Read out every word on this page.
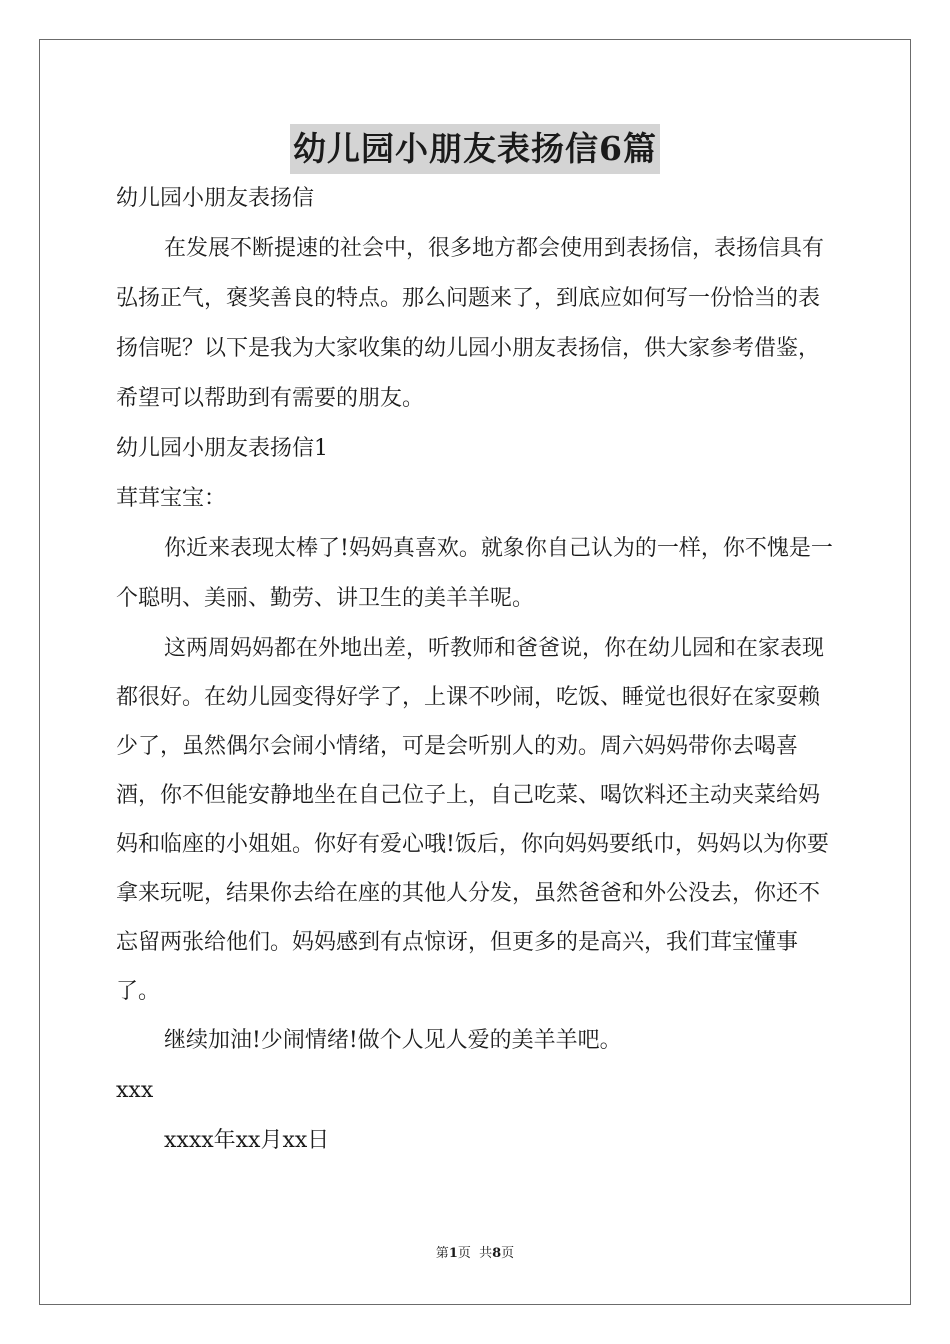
幼儿园小朋友表扬信6篇

幼儿园小朋友表扬信

在发展不断提速的社会中，很多地方都会使用到表扬信，表扬信具有弘扬正气，褒奖善良的特点。那么问题来了，到底应如何写一份恰当的表扬信呢？以下是我为大家收集的幼儿园小朋友表扬信，供大家参考借鉴，希望可以帮助到有需要的朋友。

幼儿园小朋友表扬信1

茸茸宝宝：

你近来表现太棒了!妈妈真喜欢。就象你自己认为的一样，你不愧是一个聪明、美丽、勤劳、讲卫生的美羊羊呢。

这两周妈妈都在外地出差，听教师和爸爸说，你在幼儿园和在家表现都很好。在幼儿园变得好学了，上课不吵闹，吃饭、睡觉也很好在家耍赖少了，虽然偶尔会闹小情绪，可是会听别人的劝。周六妈妈带你去喝喜酒，你不但能安静地坐在自己位子上，自己吃菜、喝饮料还主动夹菜给妈妈和临座的小姐姐。你好有爱心哦!饭后，你向妈妈要纸巾，妈妈以为你要拿来玩呢，结果你去给在座的其他人分发，虽然爸爸和外公没去，你还不忘留两张给他们。妈妈感到有点惊讶，但更多的是高兴，我们茸宝懂事了。

继续加油!少闹情绪!做个人见人爱的美羊羊吧。

xxx

xxxx年xx月xx日

第1页  共8页
